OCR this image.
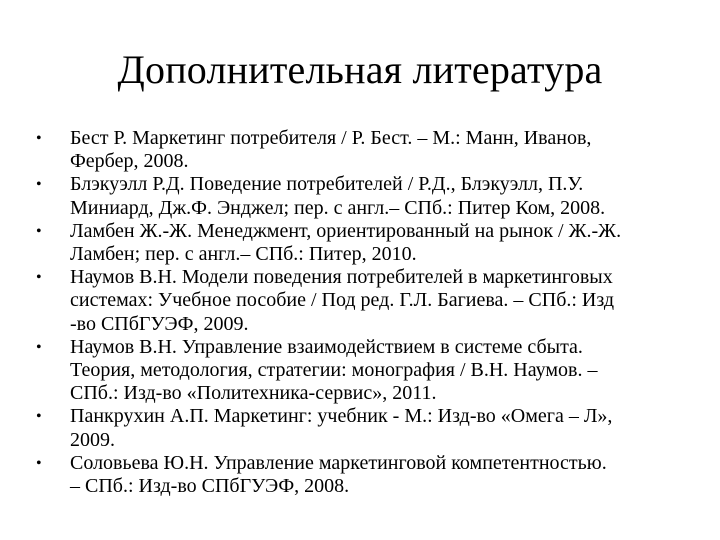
Дополнительная литература
•	Бест Р. Маркетинг потребителя / Р. Бест. – М.: Манн, Иванов,
Фербер, 2008.
•	Блэкуэлл Р.Д. Поведение потребителей / Р.Д., Блэкуэлл, П.У.
Миниард, Дж.Ф. Энджел; пер. с англ.– СПб.: Питер Ком, 2008.
•	Ламбен Ж.-Ж. Менеджмент, ориентированный на рынок / Ж.-Ж.
Ламбен; пер. с англ.– СПб.: Питер, 2010.
•	Наумов В.Н. Модели поведения потребителей в маркетинговых
системах: Учебное пособие / Под ред. Г.Л. Багиева. – СПб.: Изд
-во СПбГУЭФ, 2009.
•	Наумов В.Н. Управление взаимодействием в системе сбыта.
Теория, методология, стратегии: монография / В.Н. Наумов. –
СПб.: Изд-во «Политехника-сервис», 2011.
•	Панкрухин А.П. Маркетинг: учебник - М.: Изд-во «Омега – Л»,
2009.
•	Соловьева Ю.Н. Управление маркетинговой компетентностью.
– СПб.: Изд-во СПбГУЭФ, 2008.
